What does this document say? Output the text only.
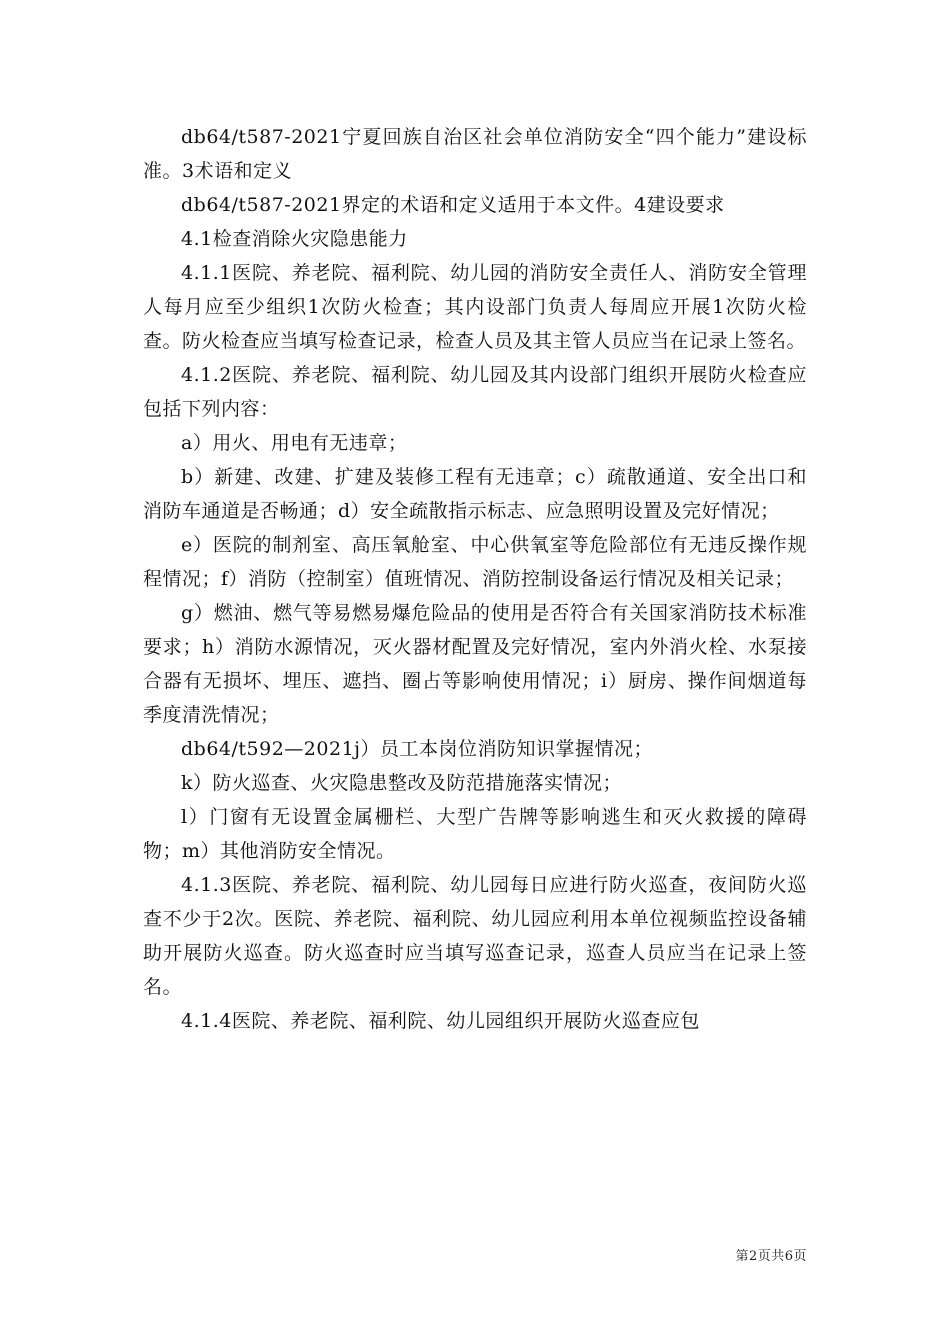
db64/t587-2021宁夏回族自治区社会单位消防安全“四个能力”建设标准。3术语和定义

db64/t587-2021界定的术语和定义适用于本文件。4建设要求

4.1检查消除火灾隐患能力

4.1.1医院、养老院、福利院、幼儿园的消防安全责任人、消防安全管理人每月应至少组织1次防火检查；其内设部门负责人每周应开展1次防火检查。防火检查应当填写检查记录，检查人员及其主管人员应当在记录上签名。

4.1.2医院、养老院、福利院、幼儿园及其内设部门组织开展防火检查应包括下列内容：

a）用火、用电有无违章；

b）新建、改建、扩建及装修工程有无违章；c）疏散通道、安全出口和消防车通道是否畅通；d）安全疏散指示标志、应急照明设置及完好情况；

e）医院的制剂室、高压氧舱室、中心供氧室等危险部位有无违反操作规程情况；f）消防（控制室）值班情况、消防控制设备运行情况及相关记录；

g）燃油、燃气等易燃易爆危险品的使用是否符合有关国家消防技术标准要求；h）消防水源情况，灭火器材配置及完好情况，室内外消火栓、水泵接合器有无损坏、埋压、遮挡、圈占等影响使用情况；i）厨房、操作间烟道每季度清洗情况；

db64/t592—2021j）员工本岗位消防知识掌握情况；

k）防火巡查、火灾隐患整改及防范措施落实情况；

l）门窗有无设置金属栅栏、大型广告牌等影响逃生和灭火救援的障碍物；m）其他消防安全情况。

4.1.3医院、养老院、福利院、幼儿园每日应进行防火巡查，夜间防火巡查不少于2次。医院、养老院、福利院、幼儿园应利用本单位视频监控设备辅助开展防火巡查。防火巡查时应当填写巡查记录，巡查人员应当在记录上签名。

4.1.4医院、养老院、福利院、幼儿园组织开展防火巡查应包

第2页共6页
